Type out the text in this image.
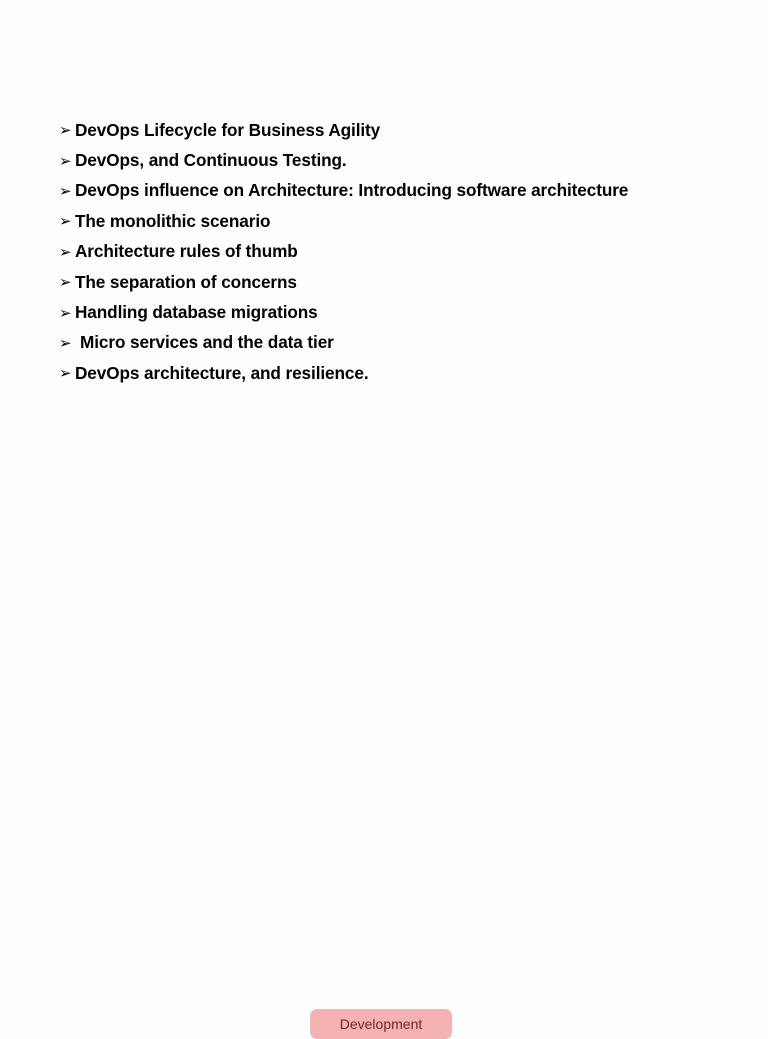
➢ DevOps Lifecycle for Business Agility
➢ DevOps, and Continuous Testing.
➢ DevOps influence on Architecture: Introducing software architecture
➢ The monolithic scenario
➢ Architecture rules of thumb
➢ The separation of concerns
➢ Handling database migrations
➢ Micro services and the data tier
➢ DevOps architecture, and resilience.
Development
